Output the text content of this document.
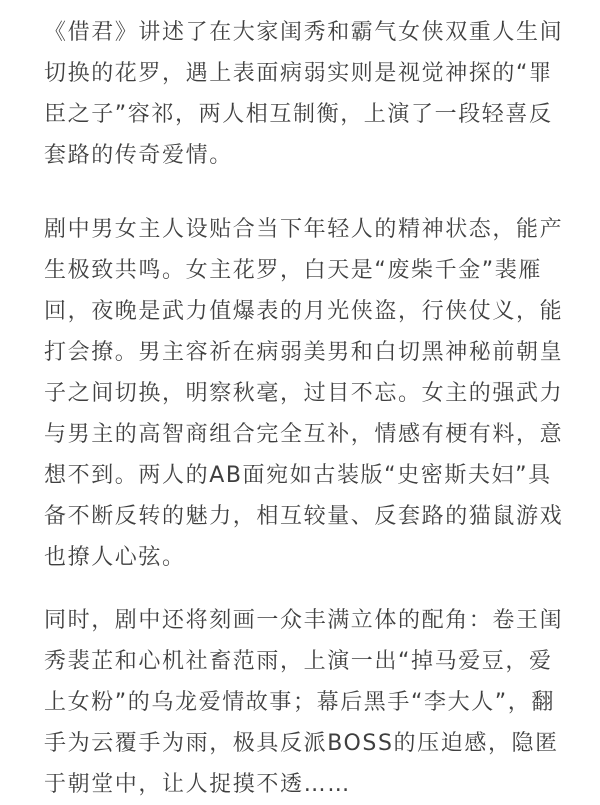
《借君》讲述了在大家闺秀和霸气女侠双重人生间
切换的花罗，遇上表面病弱实则是视觉神探的“罪
臣之子”容祁，两人相互制衡，上演了一段轻喜反
套路的传奇爱情。

剧中男女主人设贴合当下年轻人的精神状态，能产
生极致共鸣。女主花罗，白天是“废柴千金”裴雁
回，夜晚是武力值爆表的月光侠盗，行侠仗义，能
打会撩。男主容祈在病弱美男和白切黑神秘前朝皇
子之间切换，明察秋毫，过目不忘。女主的强武力
与男主的高智商组合完全互补，情感有梗有料，意
想不到。两人的AB面宛如古装版“史密斯夫妇”具
备不断反转的魅力，相互较量、反套路的猫鼠游戏
也撩人心弦。

同时，剧中还将刻画一众丰满立体的配角：卷王闺
秀裴芷和心机社畜范雨，上演一出“掉马爱豆，爱
上女粉”的乌龙爱情故事；幕后黑手“李大人”，翻
手为云覆手为雨，极具反派BOSS的压迫感，隐匿
于朝堂中，让人捉摸不透……
